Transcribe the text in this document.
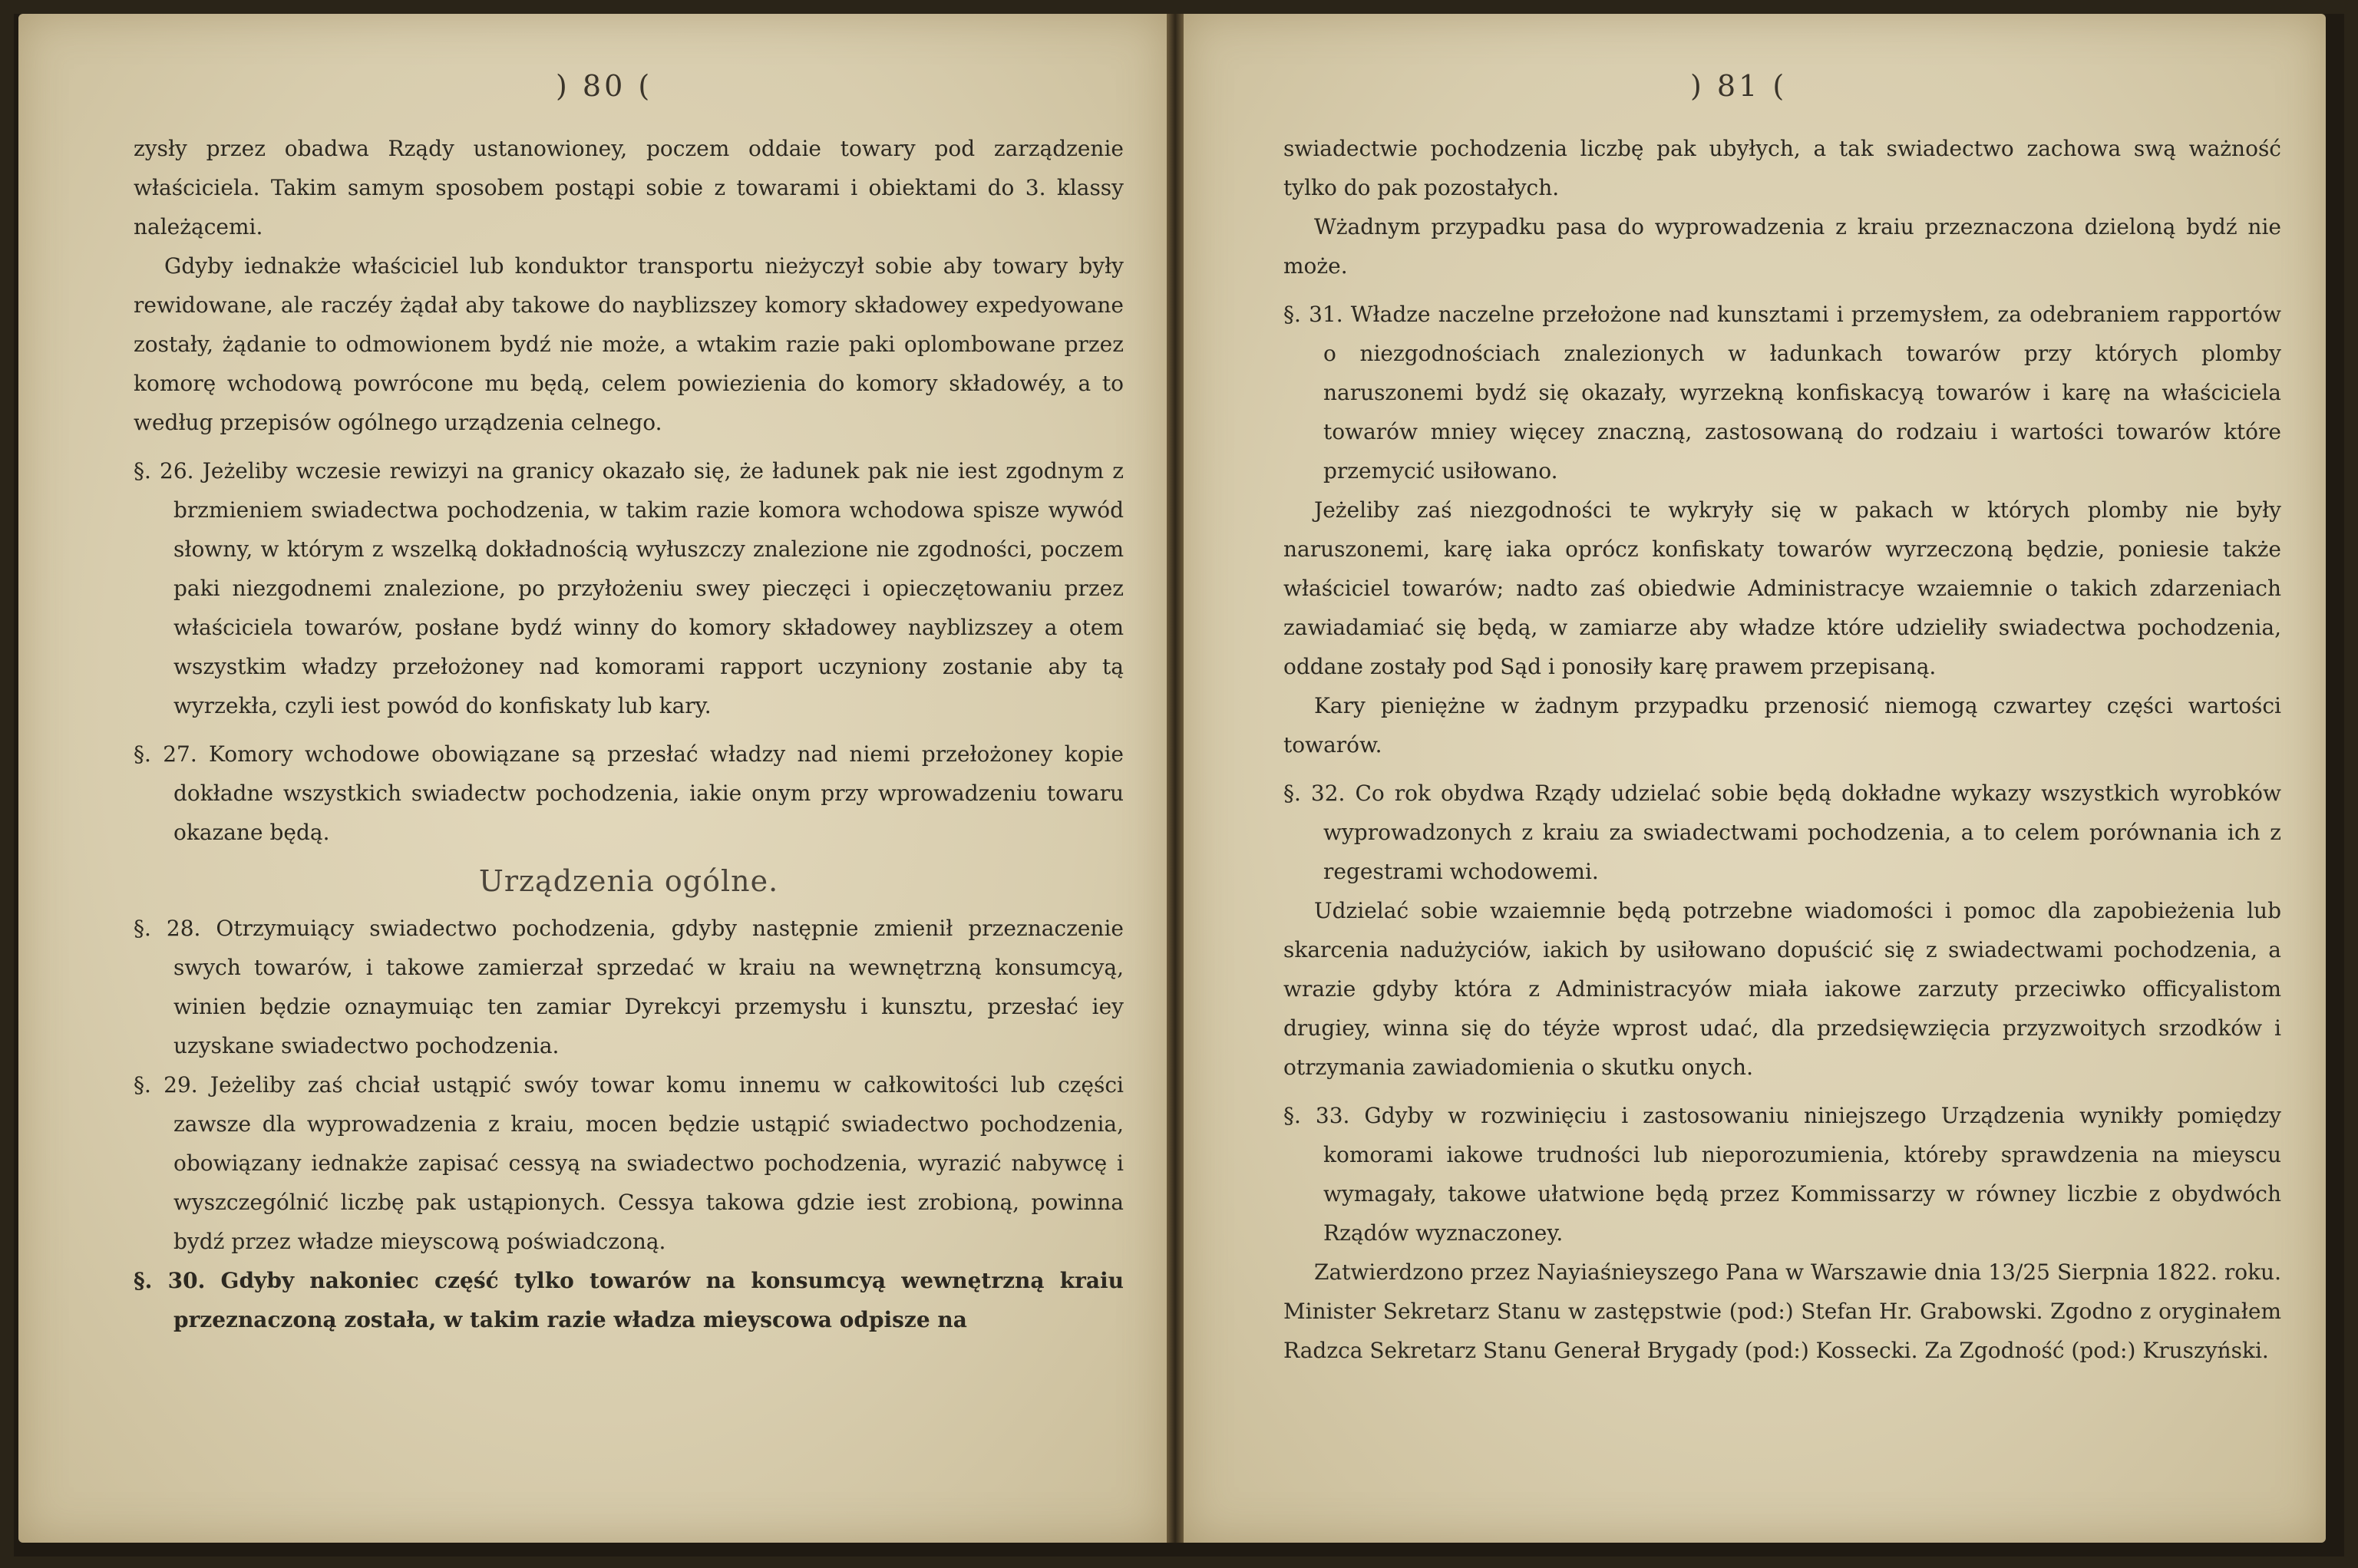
) 80 (

zysły przez obadwa Rządy ustanowioney, poczem oddaie towary pod zarządzenie właściciela. Takim samym sposobem postąpi sobie z towarami i obiektami do 3. klassy należącemi.

Gdyby iednakże właściciel lub konduktor transportu nieżyczył sobie aby towary były rewidowane, ale raczéy żądał aby takowe do nayblizszey komory składowey expedyowane zostały, żądanie to odmowionem bydź nie może, a wtakim razie paki oplombowane przez komorę wchodową powrócone mu będą, celem powiezienia do komory składowéy, a to według przepisów ogólnego urządzenia celnego.

§. 26. Jeżeliby wczesie rewizyi na granicy okazało się, że ładunek pak nie iest zgodnym z brzmieniem swiadectwa pochodzenia, w takim razie komora wchodowa spisze wywód słowny, w którym z wszelką dokładnością wyłuszczy znalezione nie zgodności, poczem paki niezgodnemi znalezione, po przyłożeniu swey pieczęci i opieczętowaniu przez właściciela towarów, posłane bydź winny do komory składowey nayblizszey a otem wszystkim władzy przełożoney nad komorami rapport uczyniony zostanie aby tą wyrzekła, czyli iest powód do konfiskaty lub kary.

§. 27. Komory wchodowe obowiązane są przesłać władzy nad niemi przełożoney kopie dokładne wszystkich swiadectw pochodzenia, iakie onym przy wprowadzeniu towaru okazane będą.

Urządzenia ogólne.

§. 28. Otrzymuiący swiadectwo pochodzenia, gdyby następnie zmienił przeznaczenie swych towarów, i takowe zamierzał sprzedać w kraiu na wewnętrzną konsumcyą, winien będzie oznaymuiąc ten zamiar Dyrekcyi przemysłu i kunsztu, przesłać iey uzyskane swiadectwo pochodzenia.

§. 29. Jeżeliby zaś chciał ustąpić swóy towar komu innemu w całkowitości lub części zawsze dla wyprowadzenia z kraiu, mocen będzie ustąpić swiadectwo pochodzenia, obowiązany iednakże zapisać cessyą na swiadectwo pochodzenia, wyrazić nabywcę i wyszczególnić liczbę pak ustąpionych. Cessya takowa gdzie iest zrobioną, powinna bydź przez władze mieyscową poświadczoną.

§. 30. Gdyby nakoniec część tylko towarów na konsumcyą wewnętrzną kraiu przeznaczoną została, w takim razie władza mieyscowa odpisze na

) 81 (

swiadectwie pochodzenia liczbę pak ubyłych, a tak swiadectwo zachowa swą ważność tylko do pak pozostałych.

Wżadnym przypadku pasa do wyprowadzenia z kraiu przeznaczona dzieloną bydź nie może.

§. 31. Władze naczelne przełożone nad kunsztami i przemysłem, za odebraniem rapportów o niezgodnościach znalezionych w ładunkach towarów przy których plomby naruszonemi bydź się okazały, wyrzekną konfiskacyą towarów i karę na właściciela towarów mniey więcey znaczną, zastosowaną do rodzaiu i wartości towarów które przemycić usiłowano.

Jeżeliby zaś niezgodności te wykryły się w pakach w których plomby nie były naruszonemi, karę iaka oprócz konfiskaty towarów wyrzeczoną będzie, poniesie także właściciel towarów; nadto zaś obiedwie Administracye wzaiemnie o takich zdarzeniach zawiadamiać się będą, w zamiarze aby władze które udzieliły swiadectwa pochodzenia, oddane zostały pod Sąd i ponosiły karę prawem przepisaną.

Kary pieniężne w żadnym przypadku przenosić niemogą czwartey części wartości towarów.

§. 32. Co rok obydwa Rządy udzielać sobie będą dokładne wykazy wszystkich wyrobków wyprowadzonych z kraiu za swiadectwami pochodzenia, a to celem porównania ich z regestrami wchodowemi.

Udzielać sobie wzaiemnie będą potrzebne wiadomości i pomoc dla zapobieżenia lub skarcenia nadużyciów, iakich by usiłowano dopuścić się z swiadectwami pochodzenia, a wrazie gdyby która z Administracyów miała iakowe zarzuty przeciwko officyalistom drugiey, winna się do téyże wprost udać, dla przedsięwzięcia przyzwoitych srzodków i otrzymania zawiadomienia o skutku onych.

§. 33. Gdyby w rozwinięciu i zastosowaniu niniejszego Urządzenia wynikły pomiędzy komorami iakowe trudności lub nieporozumienia, któreby sprawdzenia na mieyscu wymagały, takowe ułatwione będą przez Kommissarzy w równey liczbie z obydwóch Rządów wyznaczoney.

Zatwierdzono przez Nayiaśnieyszego Pana w Warszawie dnia 13/25 Sierpnia 1822. roku. Minister Sekretarz Stanu w zastępstwie (pod:) Stefan Hr. Grabowski. Zgodno z oryginałem Radzca Sekretarz Stanu Generał Brygady (pod:) Kossecki. Za Zgodność (pod:) Kruszyński.
